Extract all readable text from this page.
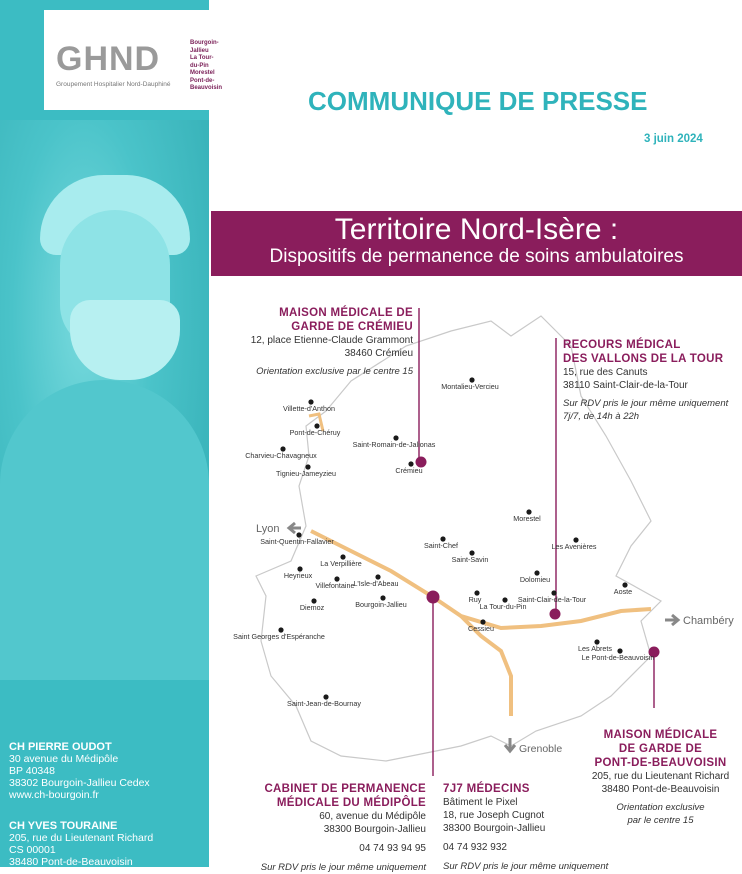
CH PIERRE OUDOT
30 avenue du Médipôle
BP 40348
38302 Bourgoin-Jallieu Cedex
www.ch-bourgoin.fr
CH YVES TOURAINE
205, rue du Lieutenant Richard
CS 00001
38480 Pont-de-Beauvoisin
GHND
Groupement Hospitalier Nord-Dauphiné
Bourgoin-Jallieu
La Tour-du-Pin
Morestel
Pont-de-Beauvoisin	COMMUNIQUE DE PRESSE
3 juin 2024
Territoire Nord-Isère :
Dispositifs de permanence de soins ambulatoires
Montalieu-Vercieu
Villette-d'Anthon
Pont-de-Chéruy
Saint-Romain-de-Jalionas
Charvieu-Chavagneux
Crémieu
Tignieu-Jameyzieu
Morestel
Les Avenières
Saint-Quentin-Fallavier	Saint-Chef
La Verpillière	Saint-Savin
Heyrieux
Villefontaine
L'Isle-d'Abeau	Dolomieu
Aoste
Bourgoin-Jallieu
Ruy	Saint-Clair-de-la-Tour
Diemoz	La Tour-du-Pin
Cessieu
Saint Georges d'Espéranche
Les Abrets
Le Pont-de-Beauvoisin
Saint-Jean-de-Bournay
Lyon
Chambéry
Grenoble
MAISON MÉDICALE DE
GARDE DE CRÉMIEU
12, place Etienne-Claude Grammont
38460 Crémieu
Orientation exclusive par le centre 15
RECOURS MÉDICAL
DES VALLONS DE LA TOUR
15, rue des Canuts
38110 Saint-Clair-de-la-Tour
Sur RDV pris le jour même uniquement
7j/7, de 14h à 22h
MAISON MÉDICALE
DE GARDE DE
PONT-DE-BEAUVOISIN
205, rue du Lieutenant Richard
38480 Pont-de-Beauvoisin
Orientation exclusive
par le centre 15
CABINET DE PERMANENCE
MÉDICALE DU MÉDIPÔLE
60, avenue du Médipôle
38300 Bourgoin-Jallieu
04 74 93 94 95
Sur RDV pris le jour même uniquement
7J7 MÉDECINS
Bâtiment le Pixel
18, rue Joseph Cugnot
38300 Bourgoin-Jallieu
04 74 932 932
Sur RDV pris le jour même uniquement
